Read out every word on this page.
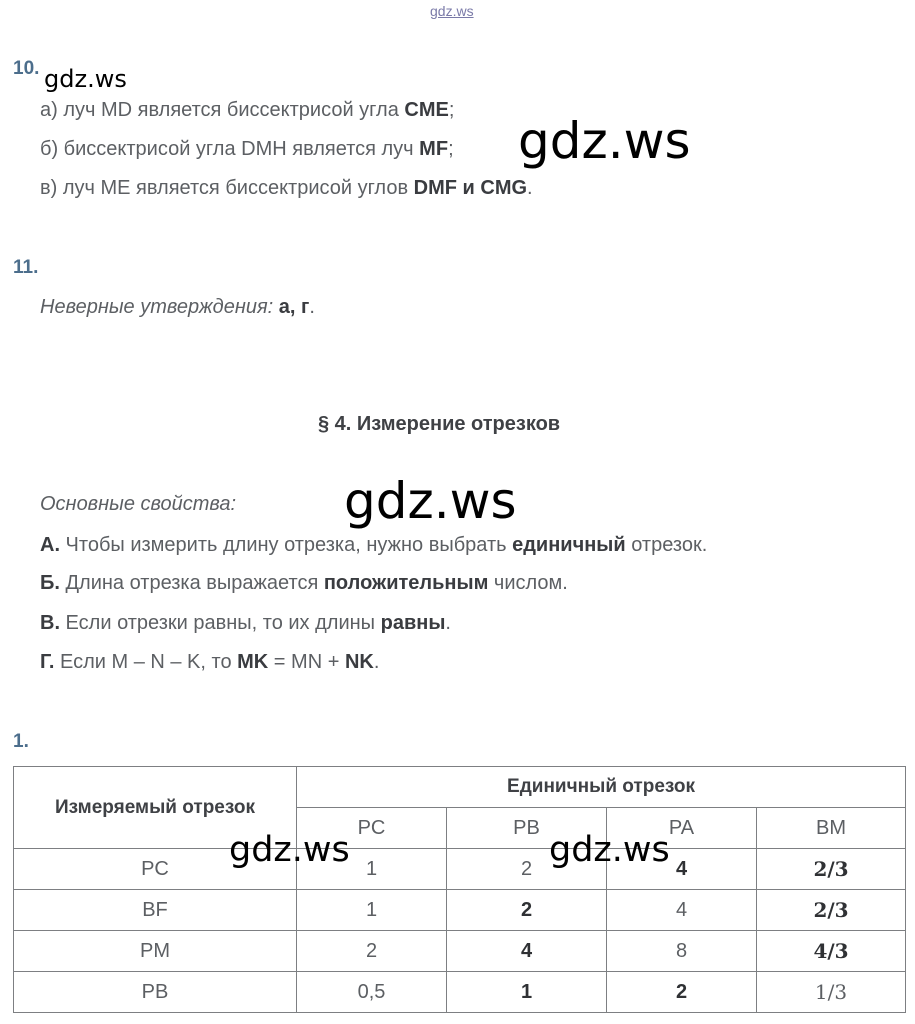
gdz.ws
10. gdz.ws
а) луч MD является биссектрисой угла CME;
б) биссектрисой угла DMH является луч MF;
в) луч ME является биссектрисой углов DMF и CMG.
gdz.ws
11.
Неверные утверждения: а, г.
§ 4. Измерение отрезков
Основные свойства: gdz.ws
А. Чтобы измерить длину отрезка, нужно выбрать единичный отрезок.
Б. Длина отрезка выражается положительным числом.
В. Если отрезки равны, то их длины равны.
Г. Если M – N – K, то MK = MN + NK.
1.
Измеряемый отрезок	Единичный отрезок			
	PC	PB	PA	BM
PC	1	2	4	2/3
BF	1	2	4	2/3
PM	2	4	8	4/3
PB	0,5	1	2	1/3
gdz.ws	gdz.ws
